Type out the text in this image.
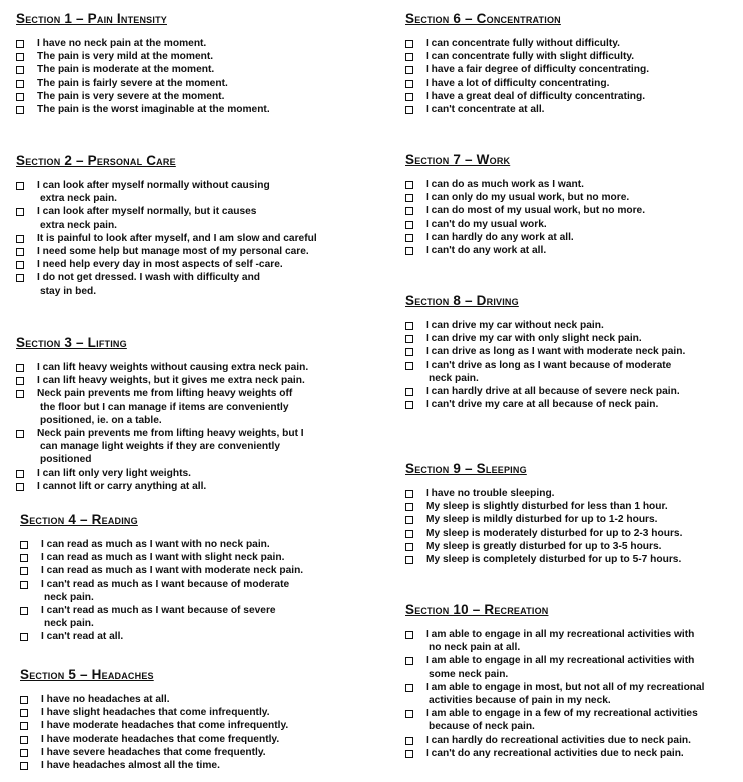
Section 1 – Pain Intensity
I have no neck pain at the moment.
The pain is very mild at the moment.
The pain is moderate at the moment.
The pain is fairly severe at the moment.
The pain is very severe at the moment.
The pain is the worst imaginable at the moment.
Section 2 – Personal Care
I can look after myself normally without causing
extra neck pain.
I can look after myself normally, but it causes
extra neck pain.
It is painful to look after myself, and I am slow and careful
I need some help but manage most of my personal care.
I need help every day in most aspects of self -care.
I do not get dressed. I wash with difficulty and
stay in bed.
Section 3 – Lifting
I can lift heavy weights without causing extra neck pain.
I can lift heavy weights, but it gives me extra neck pain.
Neck pain prevents me from lifting heavy weights off
the floor but I can manage if items are conveniently
positioned, ie. on a table.
Neck pain prevents me from lifting heavy weights, but I
can manage light weights if they are conveniently
positioned
I can lift only very light weights.
I cannot lift or carry anything at all.
Section 4 – Reading
I can read as much as I want with no neck pain.
I can read as much as I want with slight neck pain.
I can read as much as I want with moderate neck pain.
I can't read as much as I want because of moderate
neck pain.
I can't read as much as I want because of severe
neck pain.
I can't read at all.
Section 5 – Headaches
I have no headaches at all.
I have slight headaches that come infrequently.
I have moderate headaches that come infrequently.
I have moderate headaches that come frequently.
I have severe headaches that come frequently.
I have headaches almost all the time.
Section 6 – Concentration
I can concentrate fully without difficulty.
I can concentrate fully with slight difficulty.
I have a fair degree of difficulty concentrating.
I have a lot of difficulty concentrating.
I have a great deal of difficulty concentrating.
I can't concentrate at all.
Section 7 – Work
I can do as much work as I want.
I can only do my usual work, but no more.
I can do most of my usual work, but no more.
I can't do my usual work.
I can hardly do any work at all.
I can't do any work at all.
Section 8 – Driving
I can drive my car without neck pain.
I can drive my car with only slight neck pain.
I can drive as long as I want with moderate neck pain.
I can't drive as long as I want because of moderate
neck pain.
I can hardly drive at all because of severe neck pain.
I can't drive my care at all because of neck pain.
Section 9 – Sleeping
I have no trouble sleeping.
My sleep is slightly disturbed for less than 1 hour.
My sleep is mildly disturbed for up to 1-2 hours.
My sleep is moderately disturbed for up to 2-3 hours.
My sleep is greatly disturbed for up to 3-5 hours.
My sleep is completely disturbed for up to 5-7 hours.
Section 10 – Recreation
I am able to engage in all my recreational activities with
no neck pain at all.
I am able to engage in all my recreational activities with
some neck pain.
I am able to engage in most, but not all of my recreational
activities because of pain in my neck.
I am able to engage in a few of my recreational activities
because of neck pain.
I can hardly do recreational activities due to neck pain.
I can't do any recreational activities due to neck pain.
